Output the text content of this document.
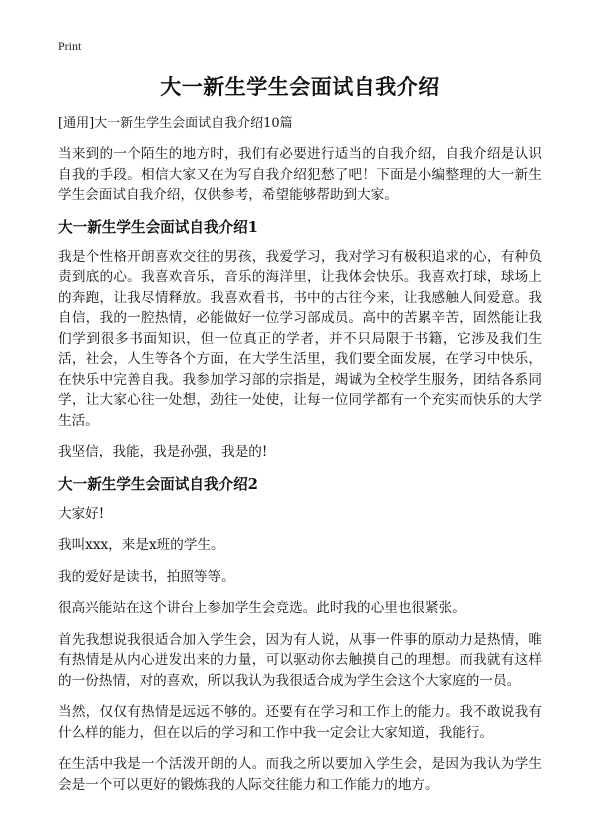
Print
大一新生学生会面试自我介绍
[通用]大一新生学生会面试自我介绍10篇

当来到的一个陌生的地方时，我们有必要进行适当的自我介绍，自我介绍是认识自我的手段。相信大家又在为写自我介绍犯愁了吧！下面是小编整理的大一新生学生会面试自我介绍，仅供参考，希望能够帮助到大家。

大一新生学生会面试自我介绍1

我是个性格开朗喜欢交往的男孩，我爱学习，我对学习有极积追求的心，有种负责到底的心。我喜欢音乐，音乐的海洋里，让我体会快乐。我喜欢打球，球场上的奔跑，让我尽情释放。我喜欢看书，书中的古往今来，让我感触人间爱意。我自信，我的一腔热情，必能做好一位学习部成员。高中的苦累辛苦，固然能让我们学到很多书面知识，但一位真正的学者，并不只局限于书籍，它涉及我们生活，社会，人生等各个方面，在大学生活里，我们要全面发展，在学习中快乐，在快乐中完善自我。我参加学习部的宗指是，竭诚为全校学生服务，团结各系同学，让大家心往一处想，劲往一处使，让每一位同学都有一个充实而快乐的大学生活。

我坚信，我能，我是孙强，我是的!

大一新生学生会面试自我介绍2

大家好!

我叫xxx，来是x班的学生。

我的爱好是读书，拍照等等。

很高兴能站在这个讲台上参加学生会竞选。此时我的心里也很紧张。

首先我想说我很适合加入学生会，因为有人说，从事一件事的原动力是热情，唯有热情是从内心迸发出来的力量，可以驱动你去触摸自己的理想。而我就有这样的一份热情，对的喜欢，所以我认为我很适合成为学生会这个大家庭的一员。

当然，仅仅有热情是远远不够的。还要有在学习和工作上的能力。我不敢说我有什么样的能力，但在以后的学习和工作中我一定会让大家知道，我能行。

在生活中我是一个活泼开朗的人。而我之所以要加入学生会，是因为我认为学生会是一个可以更好的锻炼我的人际交往能力和工作能力的地方。
